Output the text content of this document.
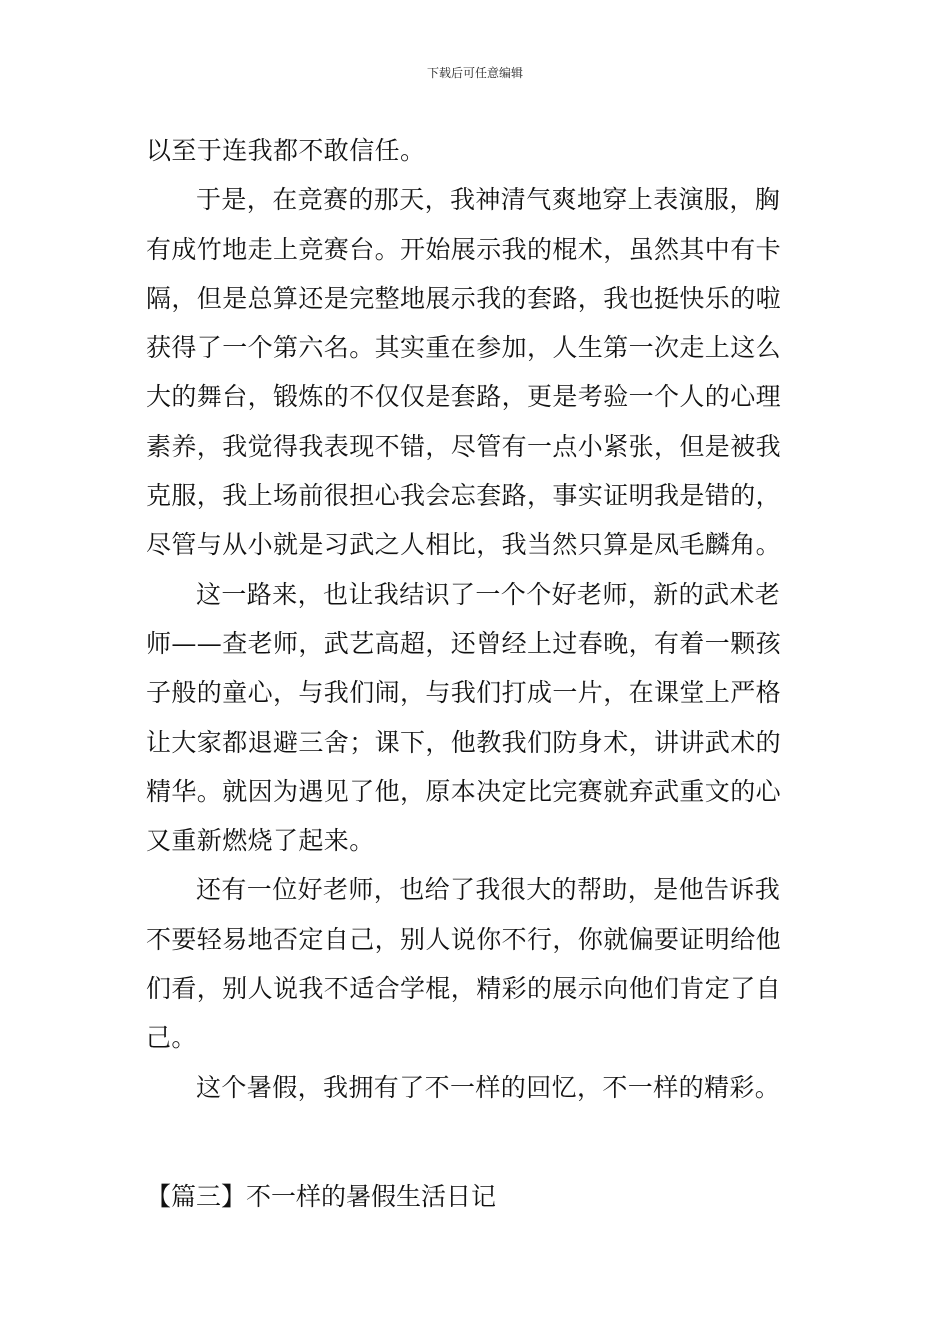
下载后可任意编辑
以至于连我都不敢信任。
于是，在竞赛的那天，我神清气爽地穿上表演服，胸
有成竹地走上竞赛台。开始展示我的棍术，虽然其中有卡
隔，但是总算还是完整地展示我的套路，我也挺快乐的啦
获得了一个第六名。其实重在参加，人生第一次走上这么
大的舞台，锻炼的不仅仅是套路，更是考验一个人的心理
素养，我觉得我表现不错，尽管有一点小紧张，但是被我
克服，我上场前很担心我会忘套路，事实证明我是错的，
尽管与从小就是习武之人相比，我当然只算是凤毛麟角。
这一路来，也让我结识了一个个好老师，新的武术老
师——查老师，武艺高超，还曾经上过春晚，有着一颗孩
子般的童心，与我们闹，与我们打成一片，在课堂上严格
让大家都退避三舍；课下，他教我们防身术，讲讲武术的
精华。就因为遇见了他，原本决定比完赛就弃武重文的心
又重新燃烧了起来。
还有一位好老师，也给了我很大的帮助，是他告诉我
不要轻易地否定自己，别人说你不行，你就偏要证明给他
们看，别人说我不适合学棍，精彩的展示向他们肯定了自
己。
这个暑假，我拥有了不一样的回忆，不一样的精彩。
【篇三】不一样的暑假生活日记
